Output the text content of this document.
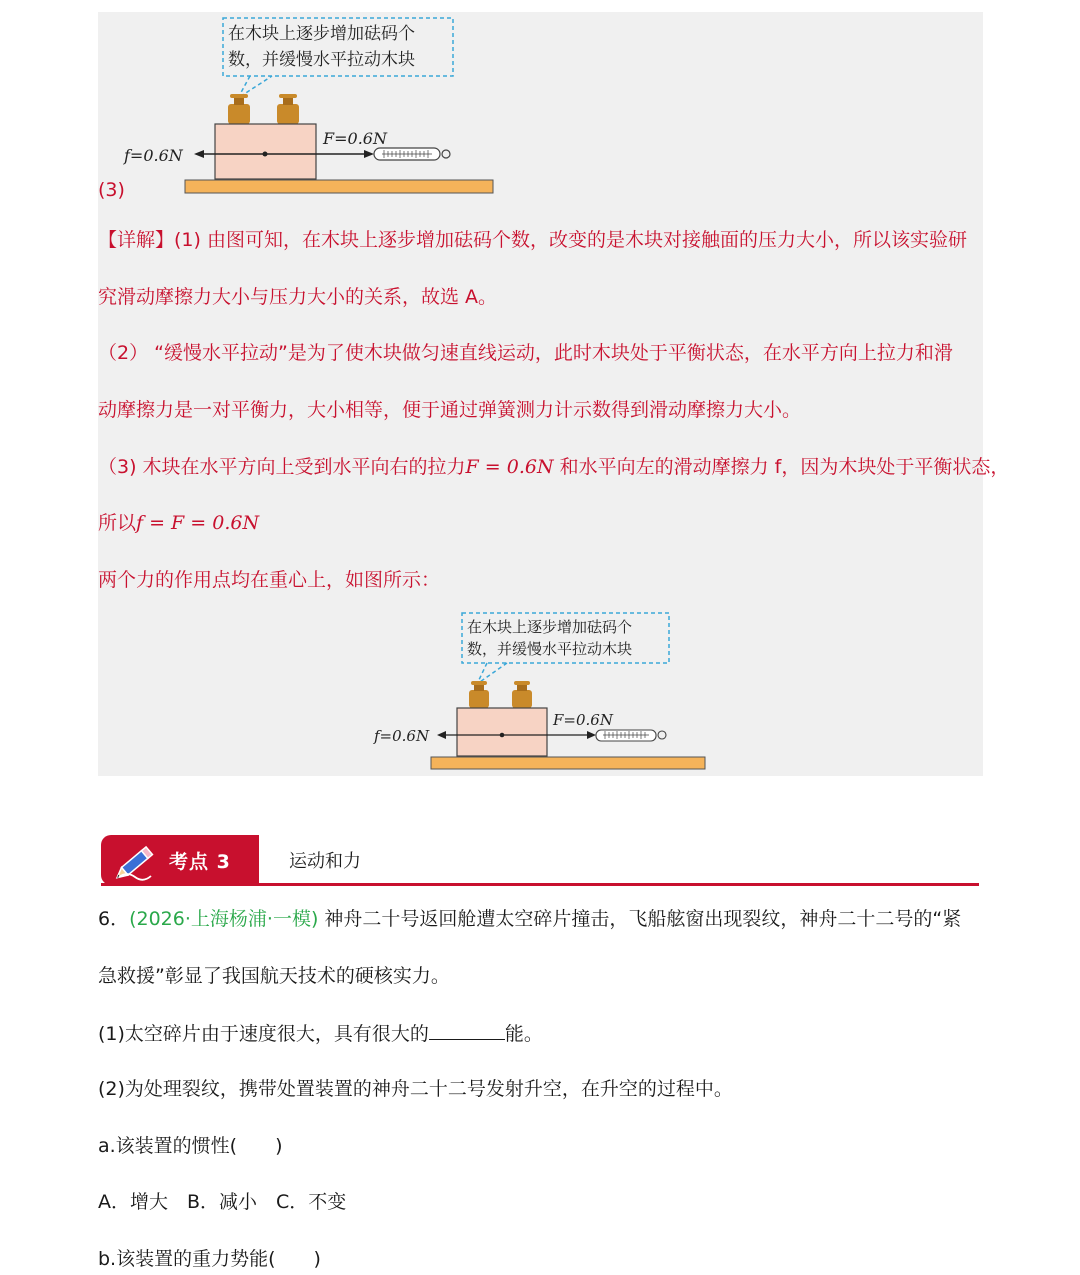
在木块上逐步增加砝码个
数，并缓慢水平拉动木块
f=0.6N
F=0.6N
(3)
【详解】(1) 由图可知，在木块上逐步增加砝码个数，改变的是木块对接触面的压力大小，所以该实验研
究滑动摩擦力大小与压力大小的关系，故选 A。
（2） “缓慢水平拉动”是为了使木块做匀速直线运动，此时木块处于平衡状态，在水平方向上拉力和滑
动摩擦力是一对平衡力，大小相等，便于通过弹簧测力计示数得到滑动摩擦力大小。
（3) 木块在水平方向上受到水平向右的拉力F = 0.6N 和水平向左的滑动摩擦力 f，因为木块处于平衡状态，
所以f = F = 0.6N
两个力的作用点均在重心上，如图所示：
在木块上逐步增加砝码个
数，并缓慢水平拉动木块
f=0.6N
F=0.6N
考点 3	运动和力
6．(2026·上海杨浦·一模) 神舟二十号返回舱遭太空碎片撞击，飞船舷窗出现裂纹，神舟二十二号的“紧
急救援”彰显了我国航天技术的硬核实力。
(1)太空碎片由于速度很大，具有很大的	能。
(2)为处理裂纹，携带处置装置的神舟二十二号发射升空，在升空的过程中。
a.该装置的惯性(　　)
A．增大　B．减小　C．不变
b.该装置的重力势能(　　)
